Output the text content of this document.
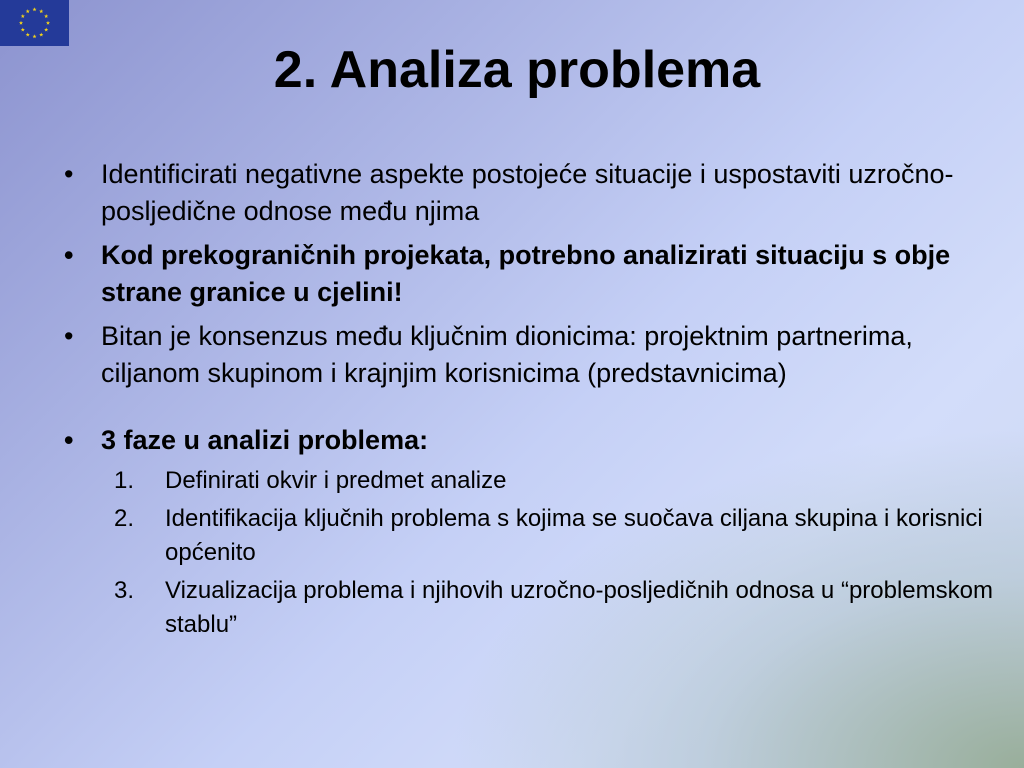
2. Analiza problema
•	Identificirati negativne aspekte postojeće situacije i uspostaviti uzročno-posljedične odnose među njima
•	Kod prekograničnih projekata, potrebno analizirati situaciju s obje strane granice u cjelini!
•	Bitan je konsenzus među ključnim dionicima: projektnim partnerima, ciljanom skupinom i krajnjim korisnicima (predstavnicima)
•	3 faze u analizi problema:
1. Definirati okvir i predmet analize
2. Identifikacija ključnih problema s kojima se suočava ciljana skupina i korisnici općenito
3. Vizualizacija problema i njihovih uzročno-posljedičnih odnosa u “problemskom stablu”
